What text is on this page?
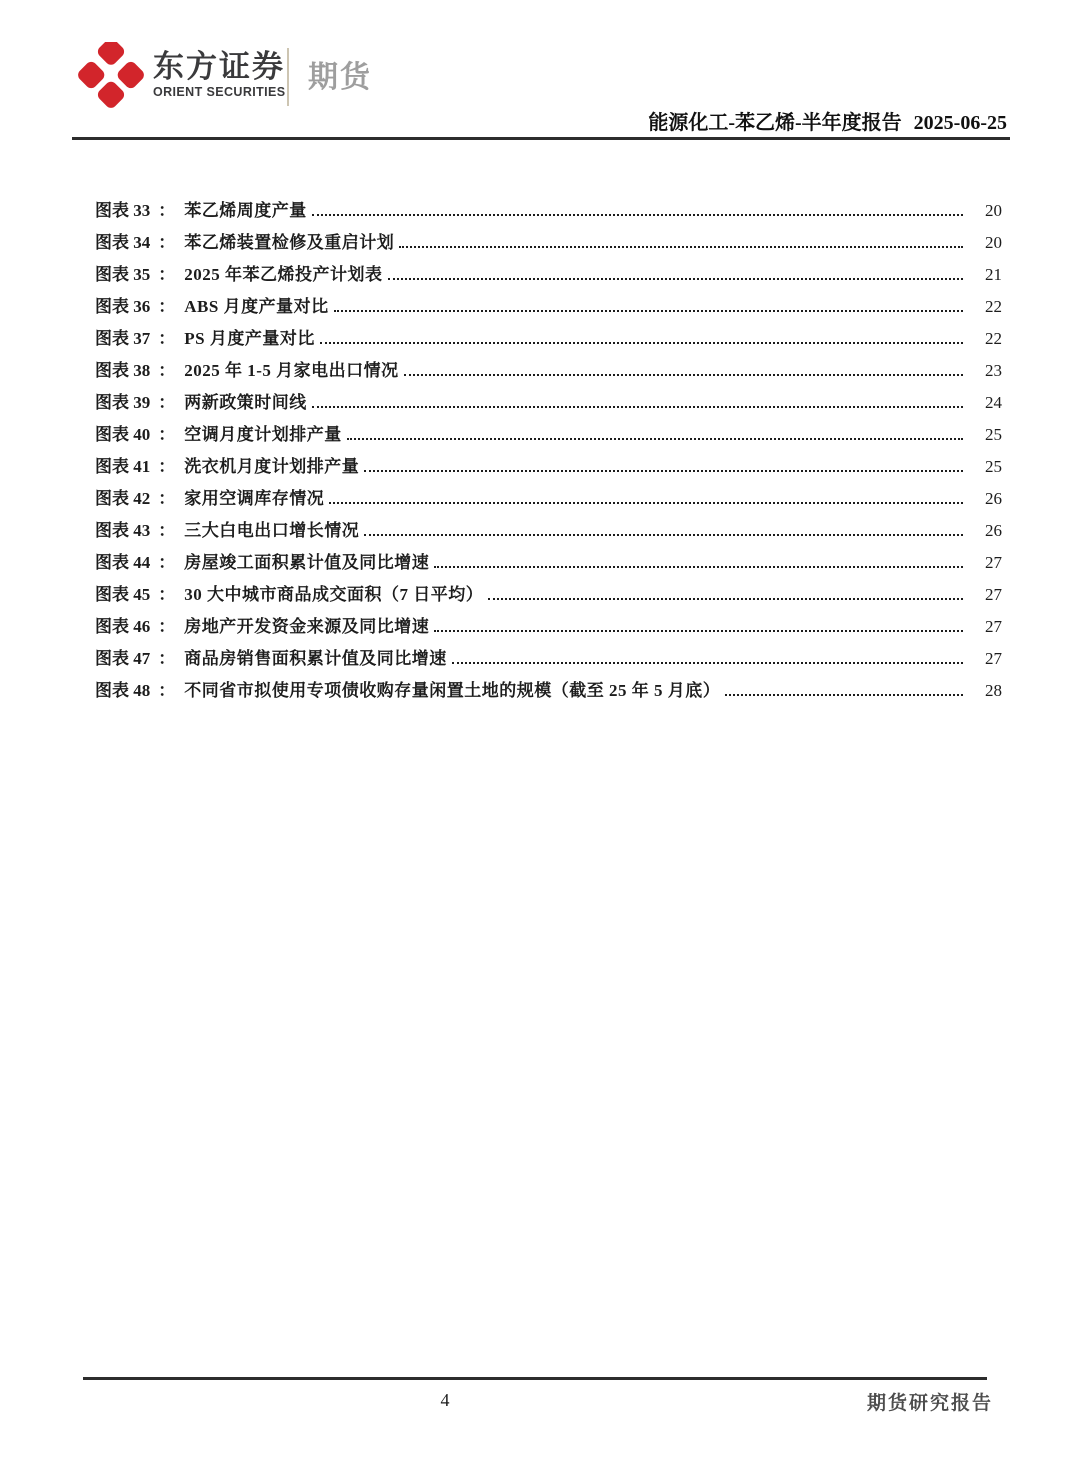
东方证券
ORIENT SECURITIES 期货
能源化工-苯乙烯-半年度报告 2025-06-25
图表 33 ： 苯乙烯周度产量	20
图表 34 ： 苯乙烯装置检修及重启计划	20
图表 35 ： 2025 年苯乙烯投产计划表	21
图表 36 ： ABS 月度产量对比	22
图表 37 ： PS 月度产量对比	22
图表 38 ： 2025 年 1-5 月家电出口情况	23
图表 39 ： 两新政策时间线	24
图表 40 ： 空调月度计划排产量	25
图表 41 ： 洗衣机月度计划排产量	25
图表 42 ： 家用空调库存情况	26
图表 43 ： 三大白电出口增长情况	26
图表 44 ： 房屋竣工面积累计值及同比增速	27
图表 45 ： 30 大中城市商品成交面积（7 日平均）	27
图表 46 ： 房地产开发资金来源及同比增速	27
图表 47 ： 商品房销售面积累计值及同比增速	27
图表 48 ： 不同省市拟使用专项债收购存量闲置土地的规模（截至 25 年 5 月底）	28
4	期货研究报告
